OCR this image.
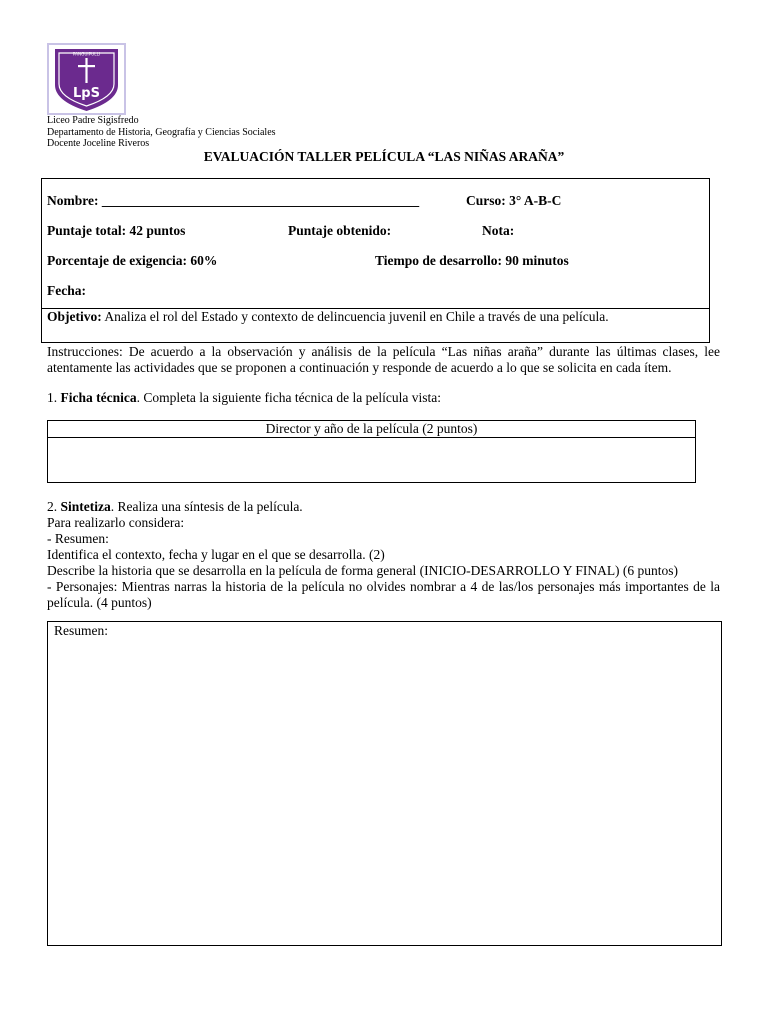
PANGUIPULLI
LpS
Liceo Padre Sigisfredo
Departamento de Historia, Geografía y Ciencias Sociales
Docente Joceline Riveros
EVALUACIÓN TALLER PELÍCULA “LAS NIÑAS ARAÑA”
Nombre: _______________________________________________	Curso: 3° A-B-C
Puntaje total: 42 puntos	Puntaje obtenido:	Nota:
Porcentaje de exigencia: 60%	Tiempo de desarrollo: 90 minutos
Fecha:
Objetivo: Analiza el rol del Estado y contexto de delincuencia juvenil en Chile a través de una película.
Instrucciones: De acuerdo a la observación y análisis de la película “Las niñas araña” durante las últimas clases, lee atentamente las actividades que se proponen a continuación y responde de acuerdo a lo que se solicita en cada ítem.
1. Ficha técnica. Completa la siguiente ficha técnica de la película vista:
Director y año de la película (2 puntos)
2. Sintetiza. Realiza una síntesis de la película.
Para realizarlo considera:
- Resumen:
Identifica el contexto, fecha y lugar en el que se desarrolla. (2)
Describe la historia que se desarrolla en la película de forma general (INICIO-DESARROLLO Y FINAL) (6 puntos)
- Personajes: Mientras narras la historia de la película no olvides nombrar a 4 de las/los personajes más importantes de la película. (4 puntos)
Resumen:
